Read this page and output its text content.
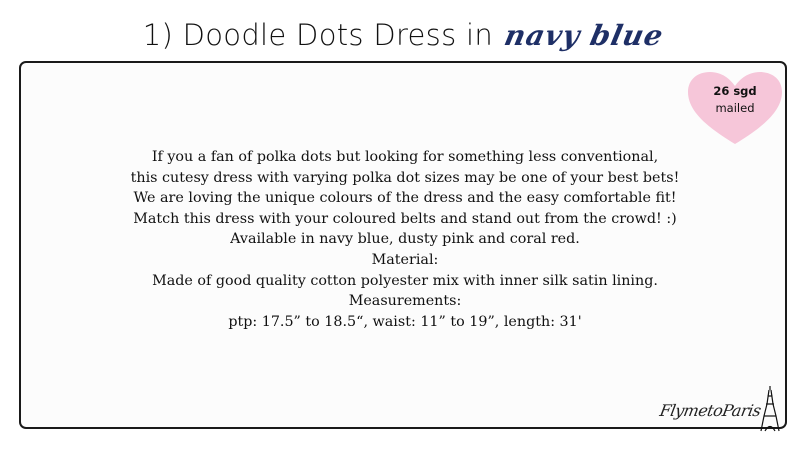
1) Doodle Dots Dress in navy blue
26 sgd
mailed
If you a fan of polka dots but looking for something less conventional,
this cutesy dress with varying polka dot sizes may be one of your best bets!
We are loving the unique colours of the dress and the easy comfortable fit!
Match this dress with your coloured belts and stand out from the crowd! :)
Available in navy blue, dusty pink and coral red.
Material:
Made of good quality cotton polyester mix with inner silk satin lining.
Measurements:
ptp: 17.5” to 18.5“, waist: 11” to 19”, length: 31'
FlymetoParis
